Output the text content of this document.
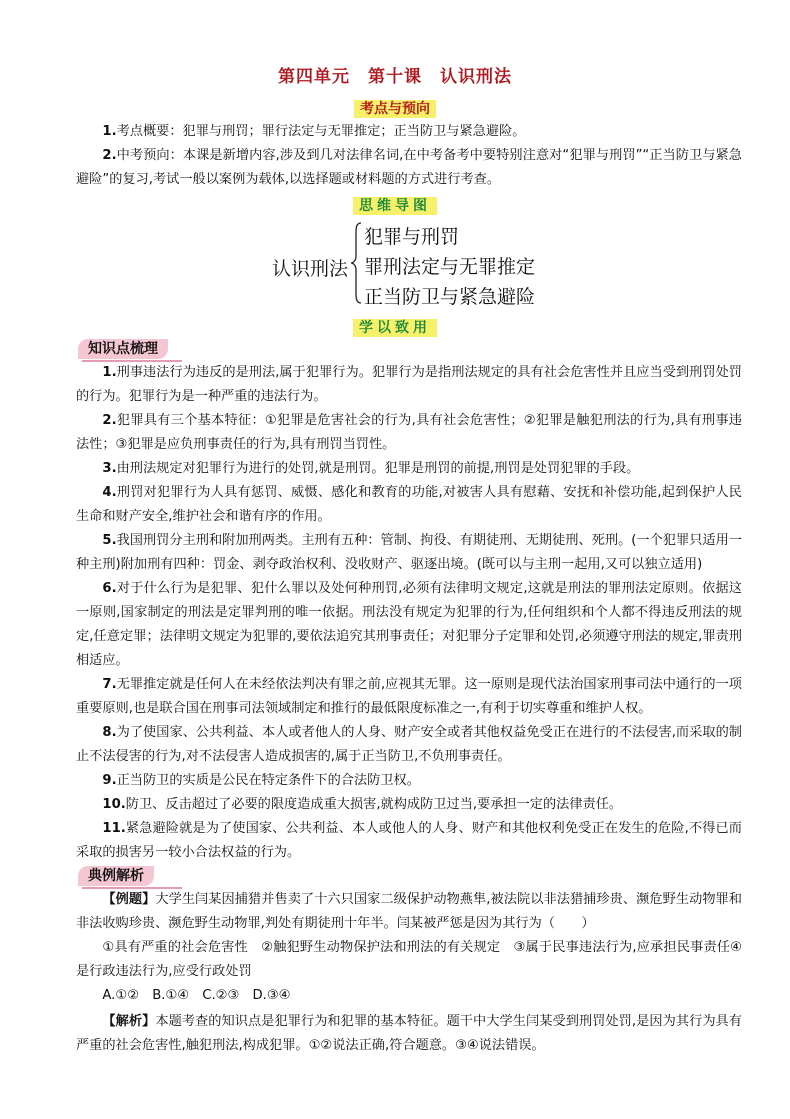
第四单元　第十课　认识刑法
考点与预向

1.考点概要：犯罪与刑罚；罪行法定与无罪推定；正当防卫与紧急避险。

2.中考预向：本课是新增内容,涉及到几对法律名词,在中考备考中要特别注意对“犯罪与刑罚”“正当防卫与紧急避险”的复习,考试一般以案例为载体,以选择题或材料题的方式进行考查。

思维导图
认识刑法
犯罪与刑罚
罪刑法定与无罪推定
正当防卫与紧急避险
学以致用
知识点梳理

1.刑事违法行为违反的是刑法,属于犯罪行为。犯罪行为是指刑法规定的具有社会危害性并且应当受到刑罚处罚的行为。犯罪行为是一种严重的违法行为。

2.犯罪具有三个基本特征：①犯罪是危害社会的行为,具有社会危害性；②犯罪是触犯刑法的行为,具有刑事违法性；③犯罪是应负刑事责任的行为,具有刑罚当罚性。

3.由刑法规定对犯罪行为进行的处罚,就是刑罚。犯罪是刑罚的前提,刑罚是处罚犯罪的手段。

4.刑罚对犯罪行为人具有惩罚、威慑、感化和教育的功能,对被害人具有慰藉、安抚和补偿功能,起到保护人民生命和财产安全,维护社会和谐有序的作用。

5.我国刑罚分主刑和附加刑两类。主刑有五种：管制、拘役、有期徒刑、无期徒刑、死刑。(一个犯罪只适用一种主刑)附加刑有四种：罚金、剥夺政治权利、没收财产、驱逐出境。(既可以与主刑一起用,又可以独立适用)

6.对于什么行为是犯罪、犯什么罪以及处何种刑罚,必须有法律明文规定,这就是刑法的罪刑法定原则。依据这一原则,国家制定的刑法是定罪判刑的唯一依据。刑法没有规定为犯罪的行为,任何组织和个人都不得违反刑法的规定,任意定罪；法律明文规定为犯罪的,要依法追究其刑事责任；对犯罪分子定罪和处罚,必须遵守刑法的规定,罪责刑相适应。

7.无罪推定就是任何人在未经依法判决有罪之前,应视其无罪。这一原则是现代法治国家刑事司法中通行的一项重要原则,也是联合国在刑事司法领域制定和推行的最低限度标准之一,有利于切实尊重和维护人权。

8.为了使国家、公共利益、本人或者他人的人身、财产安全或者其他权益免受正在进行的不法侵害,而采取的制止不法侵害的行为,对不法侵害人造成损害的,属于正当防卫,不负刑事责任。

9.正当防卫的实质是公民在特定条件下的合法防卫权。

10.防卫、反击超过了必要的限度造成重大损害,就构成防卫过当,要承担一定的法律责任。

11.紧急避险就是为了使国家、公共利益、本人或他人的人身、财产和其他权利免受正在发生的危险,不得已而采取的损害另一较小合法权益的行为。

典例解析

【例题】大学生闫某因捕猎并售卖了十六只国家二级保护动物燕隼,被法院以非法猎捕珍贵、濒危野生动物罪和非法收购珍贵、濒危野生动物罪,判处有期徒刑十年半。闫某被严惩是因为其行为（　　）

①具有严重的社会危害性　②触犯野生动物保护法和刑法的有关规定　③属于民事违法行为,应承担民事责任④是行政违法行为,应受行政处罚

A.①②　B.①④　C.②③　D.③④

【解析】本题考查的知识点是犯罪行为和犯罪的基本特征。题干中大学生闫某受到刑罚处罚,是因为其行为具有严重的社会危害性,触犯刑法,构成犯罪。①②说法正确,符合题意。③④说法错误。
